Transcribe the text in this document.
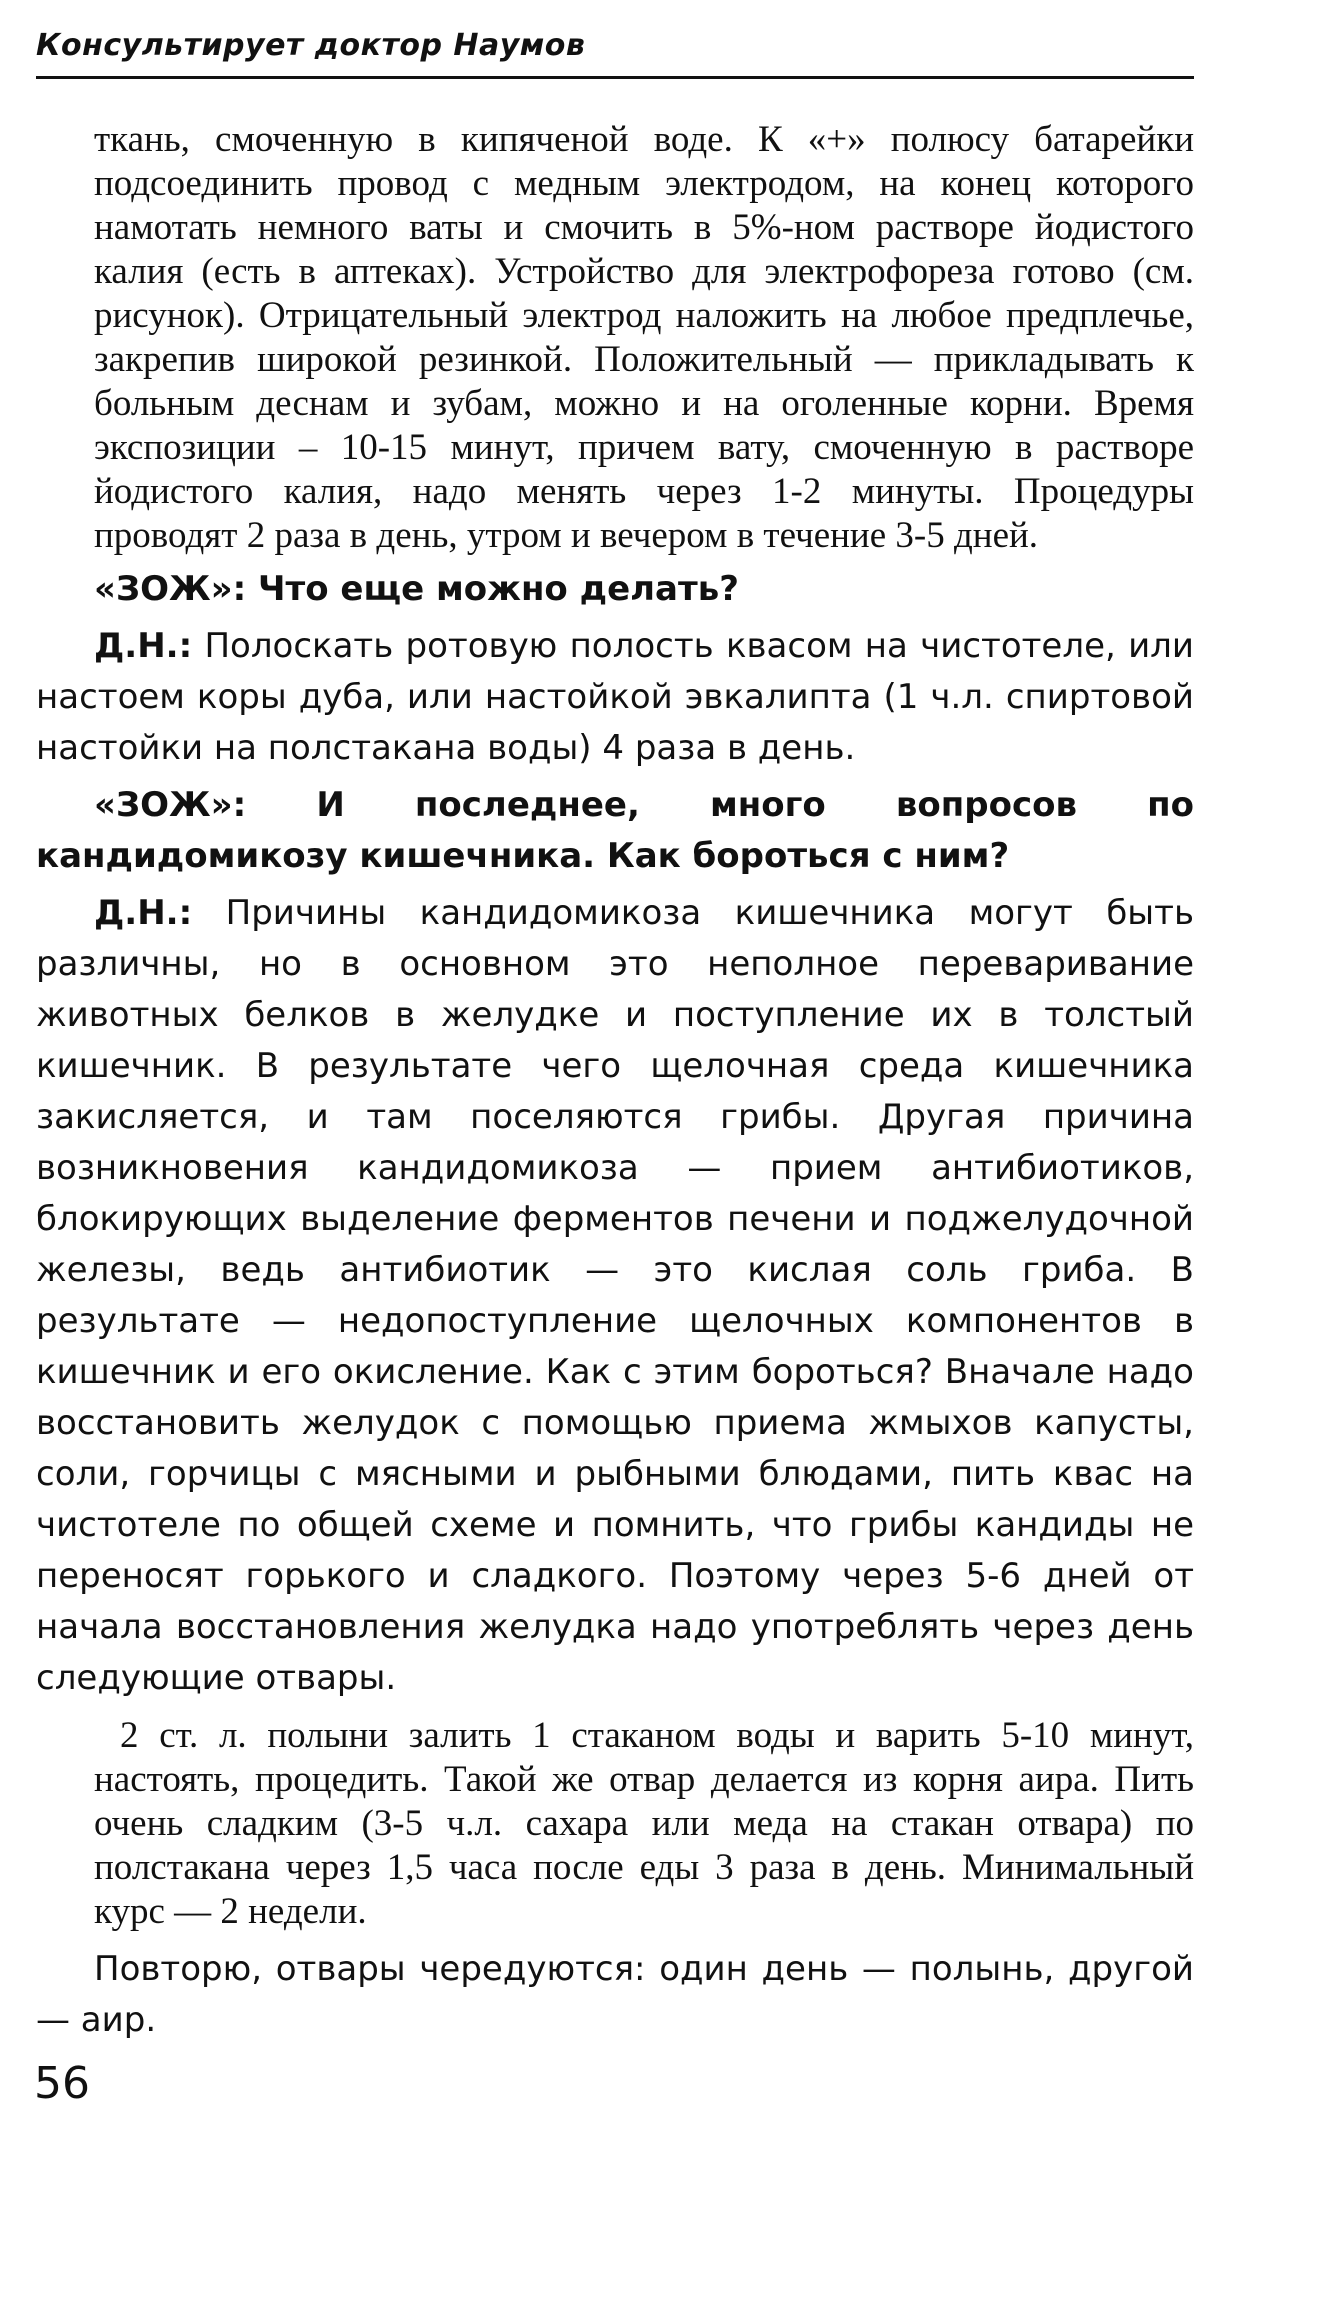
Консультирует доктор Наумов

ткань, смоченную в кипяченой воде. К «+» полюсу батарейки подсоединить провод с медным электродом, на конец которого намотать немного ваты и смочить в 5%-ном растворе йодистого калия (есть в аптеках). Устройство для электрофореза готово (см. рисунок). Отрицательный электрод наложить на любое предплечье, закрепив широкой резинкой. Положительный — прикладывать к больным деснам и зубам, можно и на оголенные корни. Время экспозиции – 10-15 минут, причем вату, смоченную в растворе йодистого калия, надо менять через 1-2 минуты. Процедуры проводят 2 раза в день, утром и вечером в течение 3-5 дней.

«ЗОЖ»: Что еще можно делать?

Д.Н.: Полоскать ротовую полость квасом на чистотеле, или настоем коры дуба, или настойкой эвкалипта (1 ч.л. спиртовой настойки на полстакана воды) 4 раза в день.

«ЗОЖ»: И последнее, много вопросов по кандидомикозу кишечника. Как бороться с ним?

Д.Н.: Причины кандидомикоза кишечника могут быть различны, но в основном это неполное переваривание животных белков в желудке и поступление их в толстый кишечник. В результате чего щелочная среда кишечника закисляется, и там поселяются грибы. Другая причина возникновения кандидомикоза — прием антибиотиков, блокирующих выделение ферментов печени и поджелудочной железы, ведь антибиотик — это кислая соль гриба. В результате — недопоступление щелочных компонентов в кишечник и его окисление. Как с этим бороться? Вначале надо восстановить желудок с помощью приема жмыхов капусты, соли, горчицы с мясными и рыбными блюдами, пить квас на чистотеле по общей схеме и помнить, что грибы кандиды не переносят горького и сладкого. Поэтому через 5-6 дней от начала восстановления желудка надо употреблять через день следующие отвары.

2 ст. л. полыни залить 1 стаканом воды и варить 5-10 минут, настоять, процедить. Такой же отвар делается из корня аира. Пить очень сладким (3-5 ч.л. сахара или меда на стакан отвара) по полстакана через 1,5 часа после еды 3 раза в день. Минимальный курс — 2 недели.

Повторю, отвары чередуются: один день — полынь, другой — аир.

56
